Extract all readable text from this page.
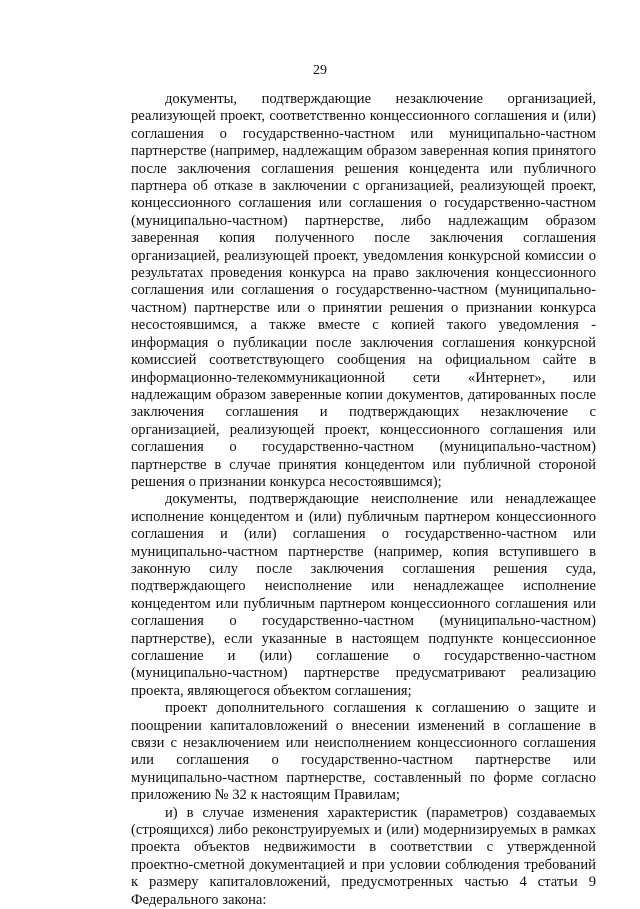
29

документы, подтверждающие незаключение организацией, реализующей проект, соответственно концессионного соглашения и (или) соглашения о государственно-частном или муниципально-частном партнерстве (например, надлежащим образом заверенная копия принятого после заключения соглашения решения концедента или публичного партнера об отказе в заключении с организацией, реализующей проект, концессионного соглашения или соглашения о государственно-частном (муниципально-частном) партнерстве, либо надлежащим образом заверенная копия полученного после заключения соглашения организацией, реализующей проект, уведомления конкурсной комиссии о результатах проведения конкурса на право заключения концессионного соглашения или соглашения о государственно-частном (муниципально-частном) партнерстве или о принятии решения о признании конкурса несостоявшимся, а также вместе с копией такого уведомления - информация о публикации после заключения соглашения конкурсной комиссией соответствующего сообщения на официальном сайте в информационно-телекоммуникационной сети «Интернет», или надлежащим образом заверенные копии документов, датированных после заключения соглашения и подтверждающих незаключение с организацией, реализующей проект, концессионного соглашения или соглашения о государственно-частном (муниципально-частном) партнерстве в случае принятия концедентом или публичной стороной решения о признании конкурса несостоявшимся);

документы, подтверждающие неисполнение или ненадлежащее исполнение концедентом и (или) публичным партнером концессионного соглашения и (или) соглашения о государственно-частном или муниципально-частном партнерстве (например, копия вступившего в законную силу после заключения соглашения решения суда, подтверждающего неисполнение или ненадлежащее исполнение концедентом или публичным партнером концессионного соглашения или соглашения о государственно-частном (муниципально-частном) партнерстве), если указанные в настоящем подпункте концессионное соглашение и (или) соглашение о государственно-частном (муниципально-частном) партнерстве предусматривают реализацию проекта, являющегося объектом соглашения;

проект дополнительного соглашения к соглашению о защите и поощрении капиталовложений о внесении изменений в соглашение в связи с незаключением или неисполнением концессионного соглашения или соглашения о государственно-частном партнерстве или муниципально-частном партнерстве, составленный по форме согласно приложению № 32 к настоящим Правилам;

и) в случае изменения характеристик (параметров) создаваемых (строящихся) либо реконструируемых и (или) модернизируемых в рамках проекта объектов недвижимости в соответствии с утвержденной проектно-сметной документацией и при условии соблюдения требований к размеру капиталовложений, предусмотренных частью 4 статьи 9 Федерального закона:
